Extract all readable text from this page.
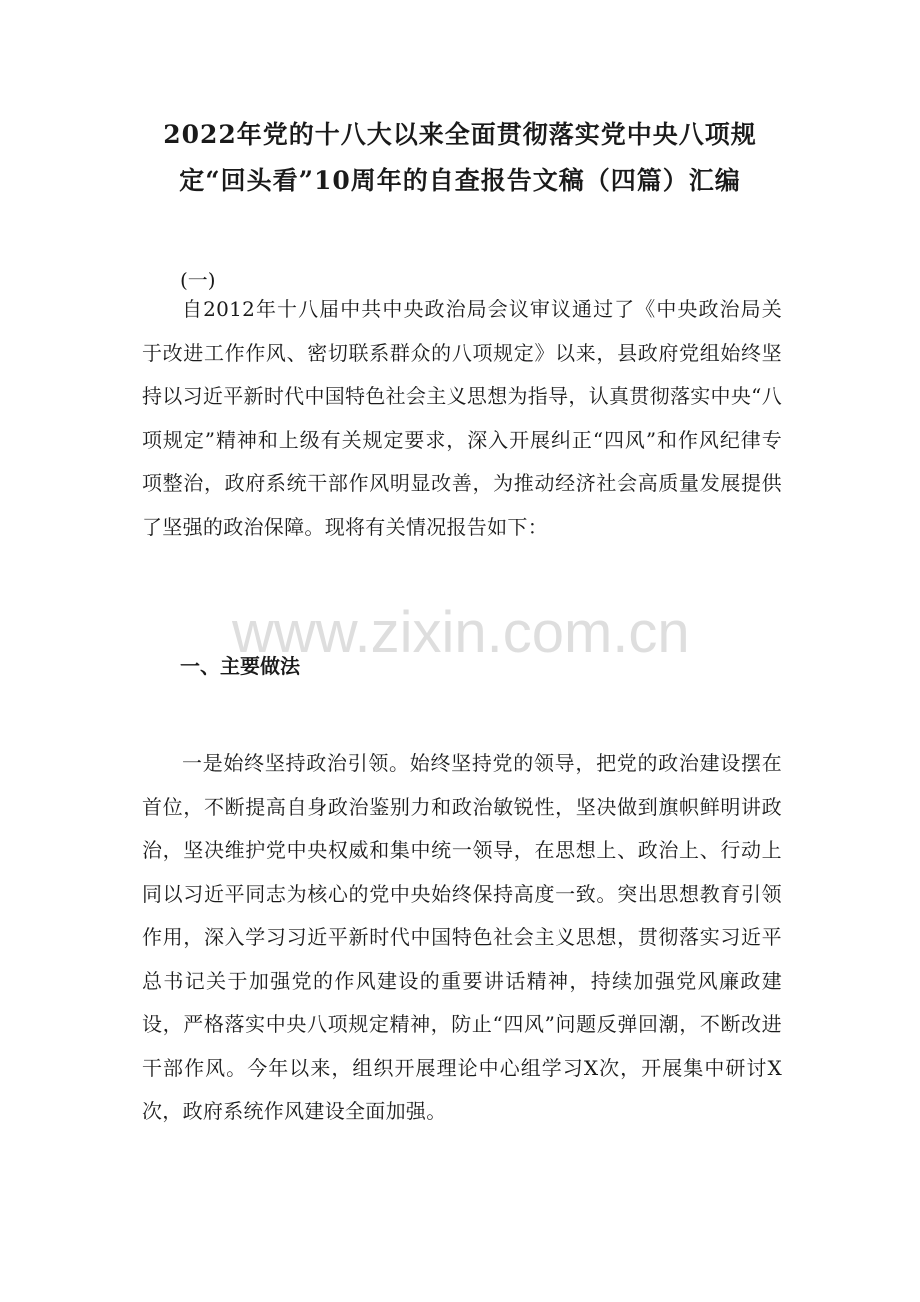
2022年党的十八大以来全面贯彻落实党中央八项规
定“回头看”10周年的自查报告文稿（四篇）汇编
(一)

自2012年十八届中共中央政治局会议审议通过了《中央政治局关于改进工作作风、密切联系群众的八项规定》以来，县政府党组始终坚持以习近平新时代中国特色社会主义思想为指导，认真贯彻落实中央“八项规定”精神和上级有关规定要求，深入开展纠正“四风”和作风纪律专项整治，政府系统干部作风明显改善，为推动经济社会高质量发展提供了坚强的政治保障。现将有关情况报告如下：

www.zixin.com.cn
一、主要做法

一是始终坚持政治引领。始终坚持党的领导，把党的政治建设摆在首位，不断提高自身政治鉴别力和政治敏锐性，坚决做到旗帜鲜明讲政治，坚决维护党中央权威和集中统一领导，在思想上、政治上、行动上同以习近平同志为核心的党中央始终保持高度一致。突出思想教育引领作用，深入学习习近平新时代中国特色社会主义思想，贯彻落实习近平总书记关于加强党的作风建设的重要讲话精神，持续加强党风廉政建设，严格落实中央八项规定精神，防止“四风”问题反弹回潮，不断改进干部作风。今年以来，组织开展理论中心组学习X次，开展集中研讨X次，政府系统作风建设全面加强。
